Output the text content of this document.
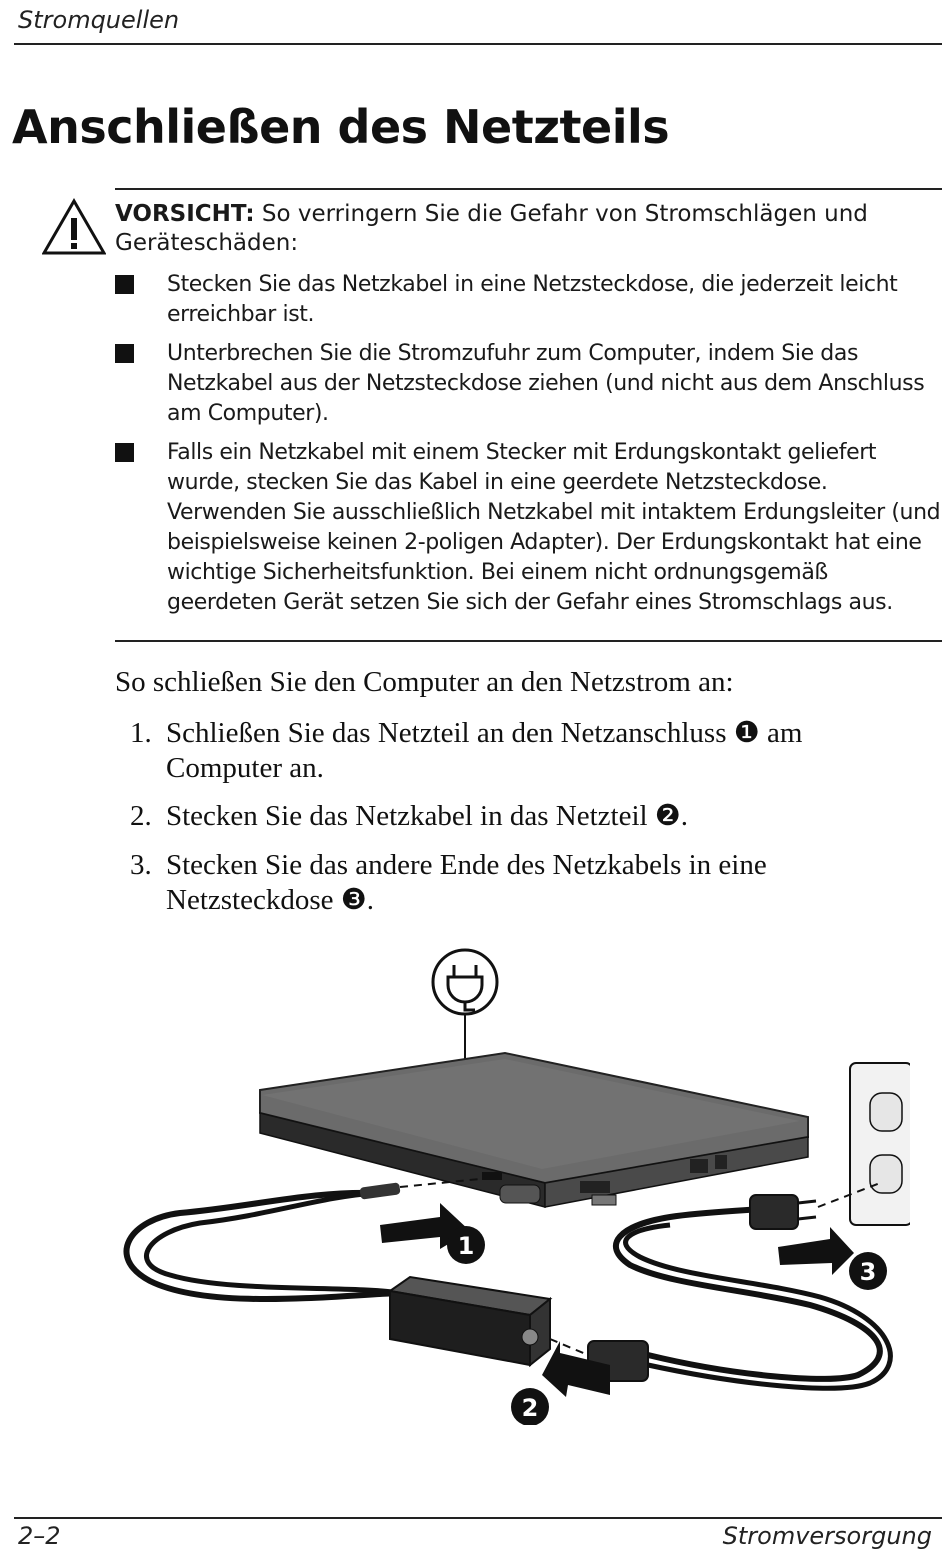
Stromquellen
Anschließen des Netzteils
VORSICHT: So verringern Sie die Gefahr von Stromschlägen und Geräteschäden:
Stecken Sie das Netzkabel in eine Netzsteckdose, die jederzeit leicht erreichbar ist.
Unterbrechen Sie die Stromzufuhr zum Computer, indem Sie das Netzkabel aus der Netzsteckdose ziehen (und nicht aus dem Anschluss am Computer).
Falls ein Netzkabel mit einem Stecker mit Erdungskontakt geliefert wurde, stecken Sie das Kabel in eine geerdete Netzsteckdose. Verwenden Sie ausschließlich Netzkabel mit intaktem Erdungsleiter (und beispielsweise keinen 2-poligen Adapter). Der Erdungskontakt hat eine wichtige Sicherheitsfunktion. Bei einem nicht ordnungsgemäß geerdeten Gerät setzen Sie sich der Gefahr eines Stromschlags aus.
So schließen Sie den Computer an den Netzstrom an:
1. Schließen Sie das Netzteil an den Netzanschluss ❶ am Computer an.
2. Stecken Sie das Netzkabel in das Netzteil ❷.
3. Stecken Sie das andere Ende des Netzkabels in eine Netzsteckdose ❸.
1
2
3
2–2	Stromversorgung
